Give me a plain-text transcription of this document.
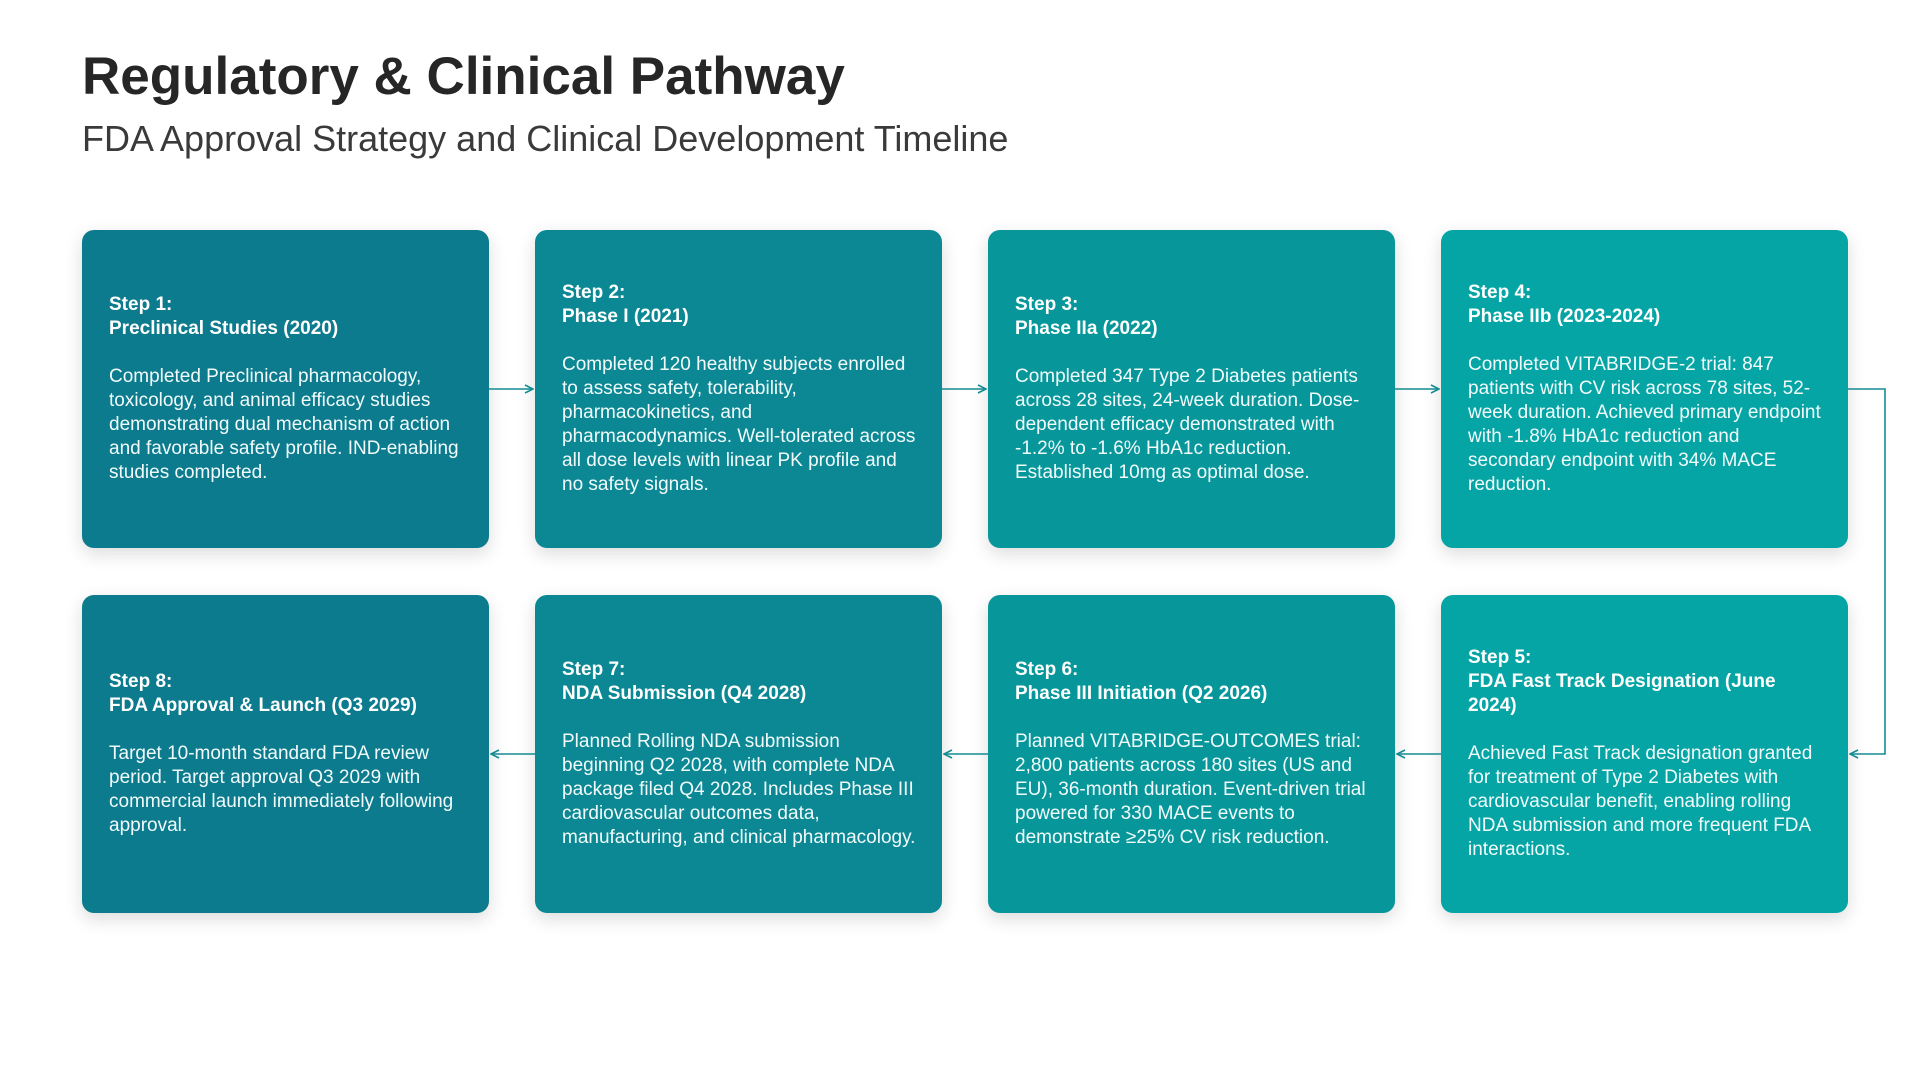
Regulatory & Clinical Pathway
FDA Approval Strategy and Clinical Development Timeline

Step 1:

Preclinical Studies (2020)

Completed Preclinical pharmacology, toxicology, and animal efficacy studies demonstrating dual mechanism of action and favorable safety profile. IND-enabling studies completed.

Step 2:

Phase I (2021)

Completed 120 healthy subjects enrolled to assess safety, tolerability, pharmacokinetics, and pharmacodynamics. Well-tolerated across all dose levels with linear PK profile and no safety signals.

Step 3:

Phase IIa (2022)

Completed 347 Type 2 Diabetes patients across 28 sites, 24-week duration. Dose-dependent efficacy demonstrated with -1.2% to -1.6% HbA1c reduction. Established 10mg as optimal dose.

Step 4:

Phase IIb (2023-2024)

Completed VITABRIDGE-2 trial: 847 patients with CV risk across 78 sites, 52-week duration. Achieved primary endpoint with -1.8% HbA1c reduction and secondary endpoint with 34% MACE reduction.

Step 5:

FDA Fast Track Designation (June 2024)

Achieved Fast Track designation granted for treatment of Type 2 Diabetes with cardiovascular benefit, enabling rolling NDA submission and more frequent FDA interactions.

Step 6:

Phase III Initiation (Q2 2026)

Planned VITABRIDGE-OUTCOMES trial: 2,800 patients across 180 sites (US and EU), 36-month duration. Event-driven trial powered for 330 MACE events to demonstrate ≥25% CV risk reduction.

Step 7:

NDA Submission (Q4 2028)

Planned Rolling NDA submission beginning Q2 2028, with complete NDA package filed Q4 2028. Includes Phase III cardiovascular outcomes data, manufacturing, and clinical pharmacology.

Step 8:

FDA Approval & Launch (Q3 2029)

Target 10-month standard FDA review period. Target approval Q3 2029 with commercial launch immediately following approval.
